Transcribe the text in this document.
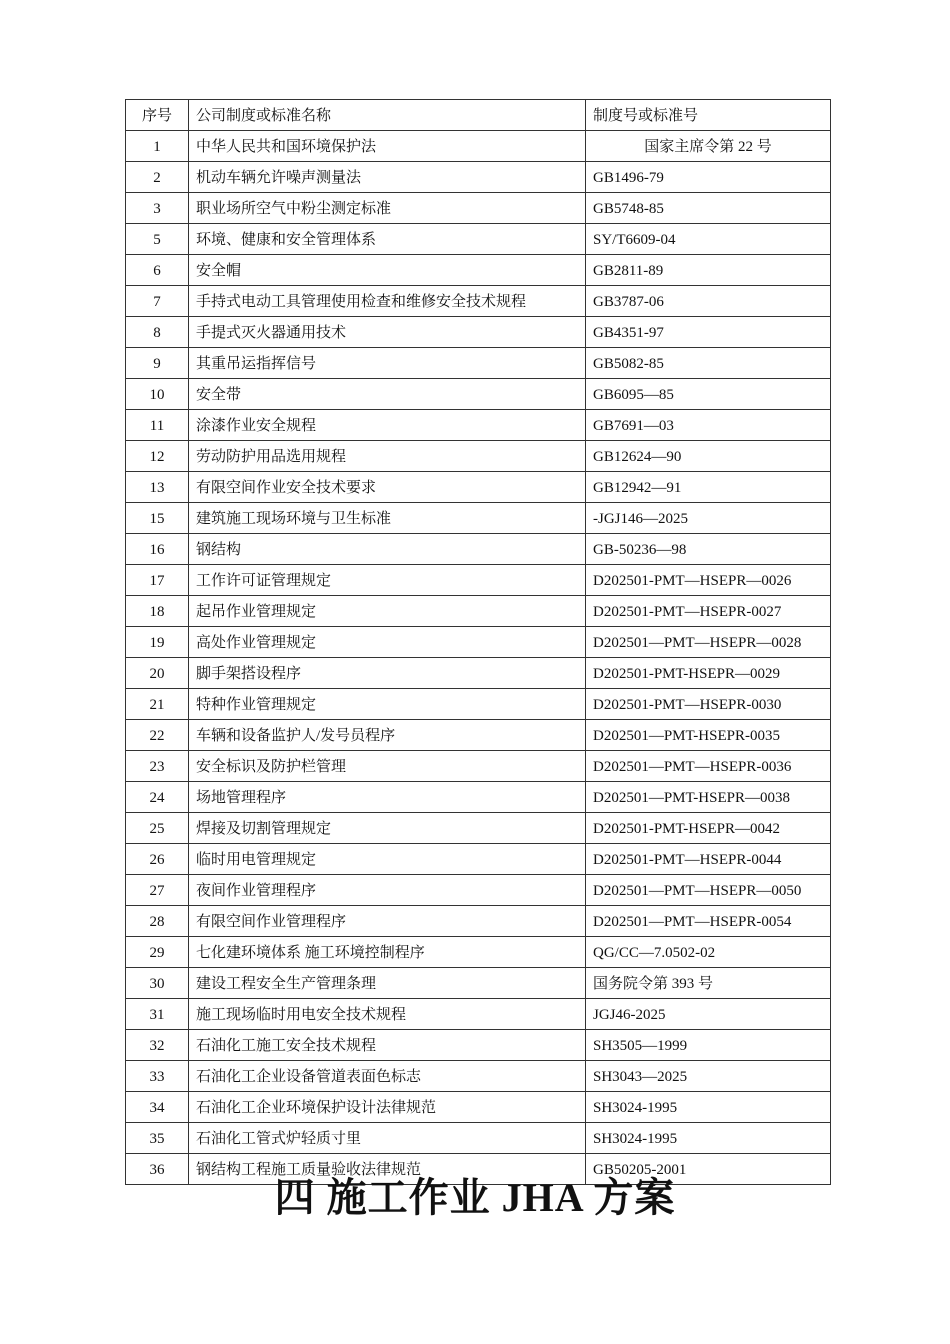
序号	公司制度或标准名称	制度号或标准号
1	中华人民共和国环境保护法	国家主席令第 22 号
2	机动车辆允许噪声测量法	GB1496-79
3	职业场所空气中粉尘测定标准	GB5748-85
5	环境、健康和安全管理体系	SY/T6609-04
6	安全帽	GB2811-89
7	手持式电动工具管理使用检查和维修安全技术规程	GB3787-06
8	手提式灭火器通用技术	GB4351-97
9	其重吊运指挥信号	GB5082-85
10	安全带	GB6095—85
11	涂漆作业安全规程	GB7691—03
12	劳动防护用品选用规程	GB12624—90
13	有限空间作业安全技术要求	GB12942—91
15	建筑施工现场环境与卫生标准	-JGJ146—2025
16	钢结构	GB-50236—98
17	工作许可证管理规定	D202501-PMT—HSEPR—0026
18	起吊作业管理规定	D202501-PMT—HSEPR-0027
19	高处作业管理规定	D202501—PMT—HSEPR—0028
20	脚手架搭设程序	D202501-PMT-HSEPR—0029
21	特种作业管理规定	D202501-PMT—HSEPR-0030
22	车辆和设备监护人/发号员程序	D202501—PMT-HSEPR-0035
23	安全标识及防护栏管理	D202501—PMT—HSEPR-0036
24	场地管理程序	D202501—PMT-HSEPR—0038
25	焊接及切割管理规定	D202501-PMT-HSEPR—0042
26	临时用电管理规定	D202501-PMT—HSEPR-0044
27	夜间作业管理程序	D202501—PMT—HSEPR—0050
28	有限空间作业管理程序	D202501—PMT—HSEPR-0054
29	七化建环境体系 施工环境控制程序	QG/CC—7.0502-02
30	建设工程安全生产管理条理	国务院令第 393 号
31	施工现场临时用电安全技术规程	JGJ46-2025
32	石油化工施工安全技术规程	SH3505—1999
33	石油化工企业设备管道表面色标志	SH3043—2025
34	石油化工企业环境保护设计法律规范	SH3024-1995
35	石油化工管式炉轻质寸里	SH3024-1995
36	钢结构工程施工质量验收法律规范	GB50205-2001
四 施工作业 JHA 方案
